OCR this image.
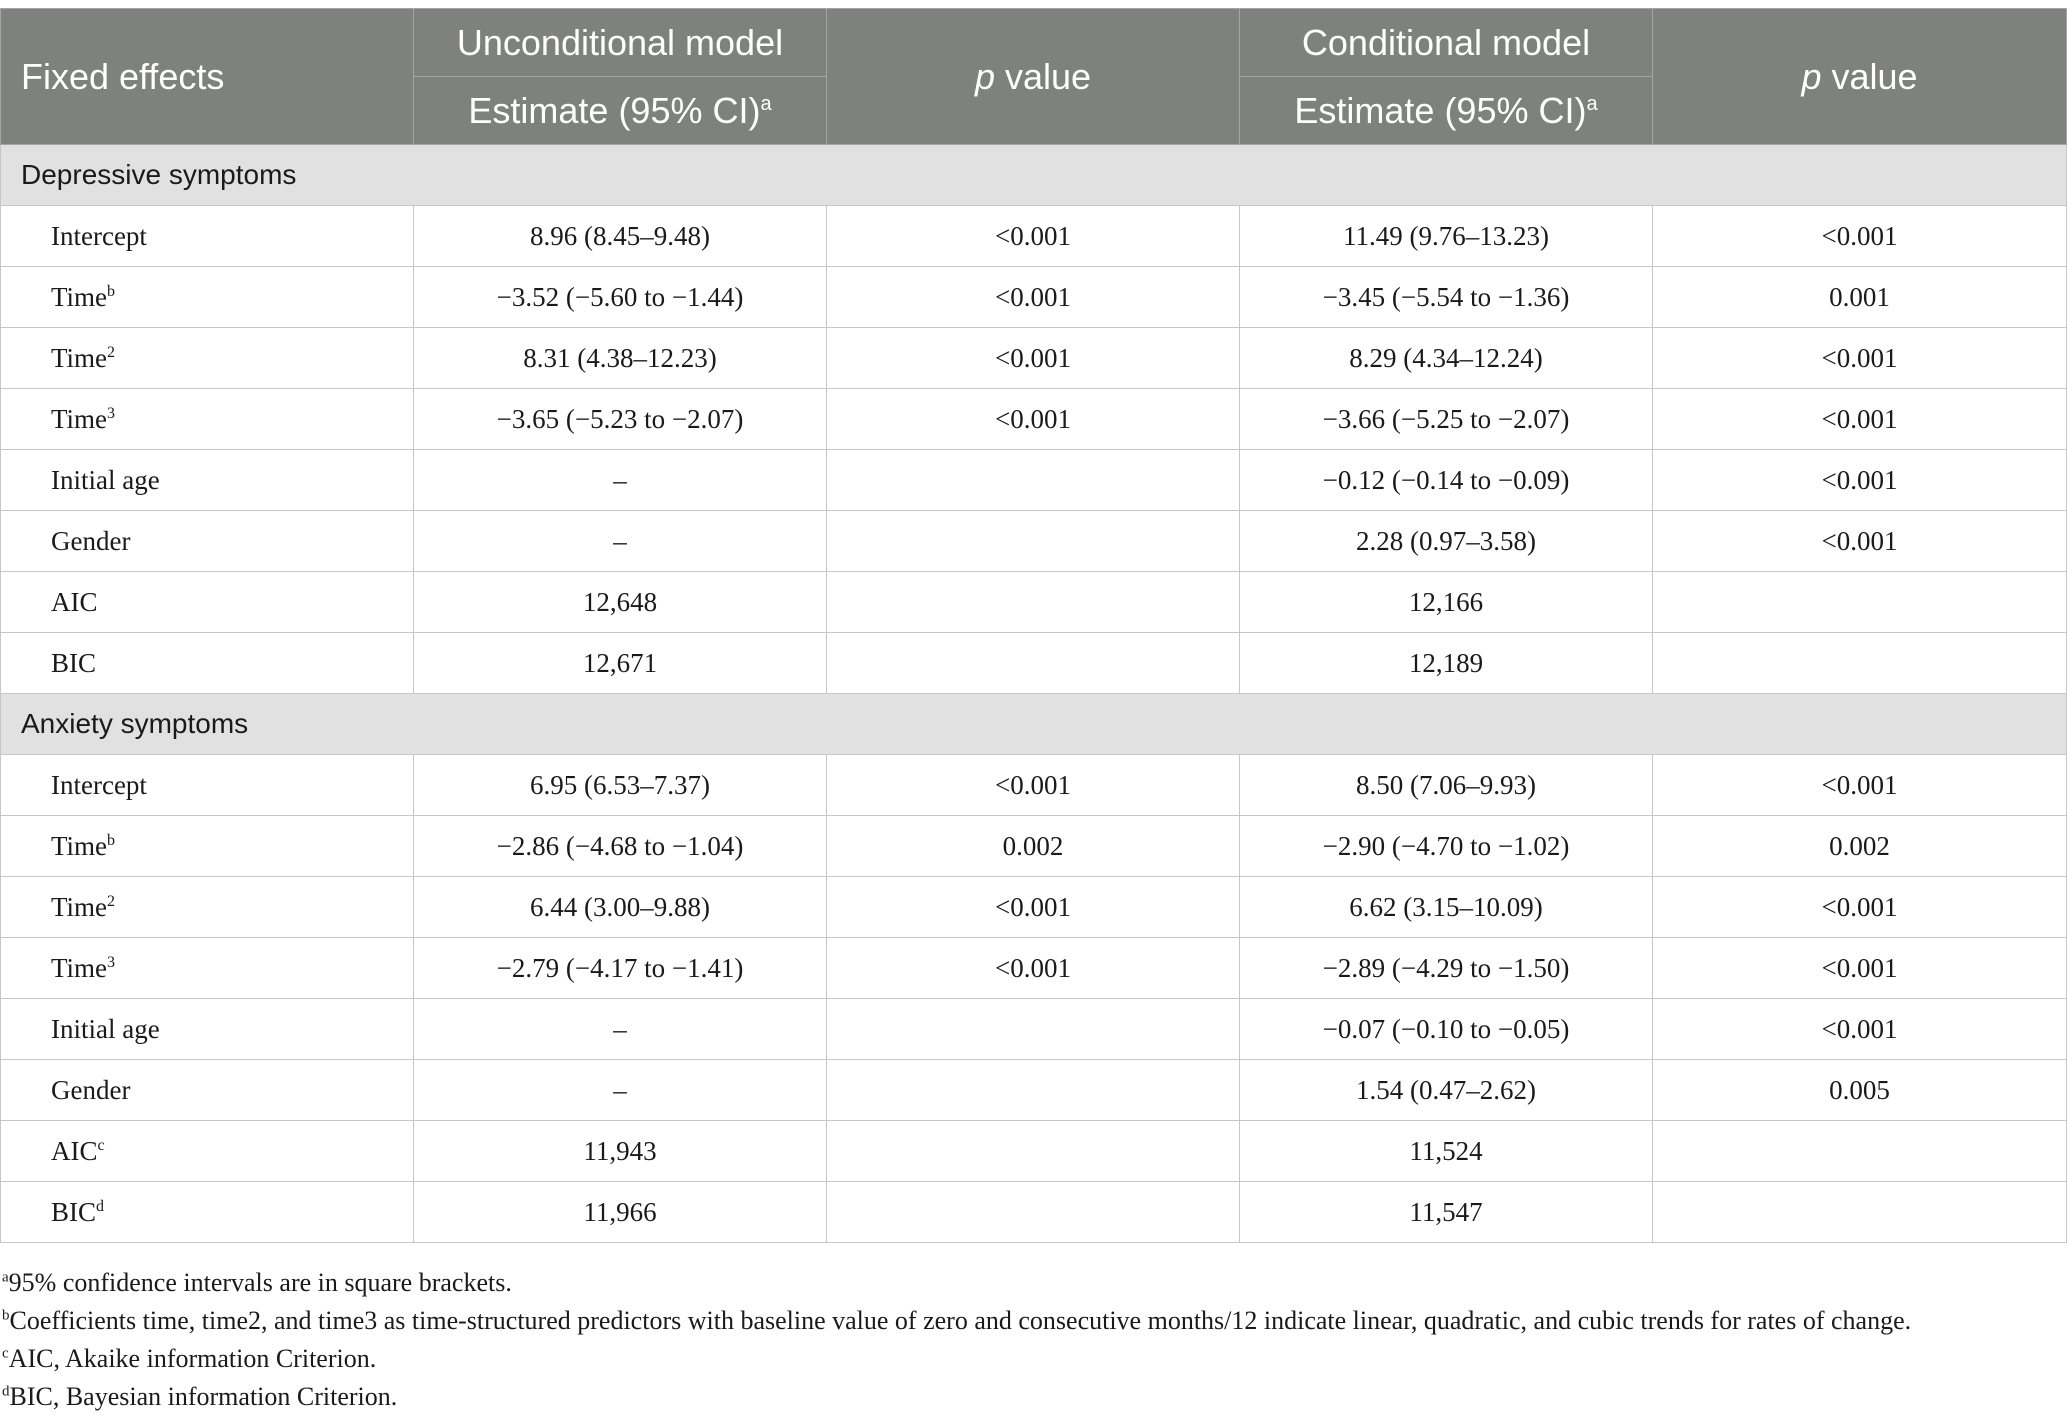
Fixed effects	Unconditional model	p value	Conditional model	p value
	Estimate (95% CI)$^a$		Estimate (95% CI)$^a$
Depressive symptoms				
Intercept	8.96 (8.45–9.48)	<0.001	11.49 (9.76–13.23)	<0.001
Time$^b$	−3.52 (−5.60 to −1.44)	<0.001	−3.45 (−5.54 to −1.36)	0.001
Time$^2$	8.31 (4.38–12.23)	<0.001	8.29 (4.34–12.24)	<0.001
Time$^3$	−3.65 (−5.23 to −2.07)	<0.001	−3.66 (−5.25 to −2.07)	<0.001
Initial age	–		−0.12 (−0.14 to −0.09)	<0.001
Gender	–		2.28 (0.97–3.58)	<0.001
AIC	12,648		12,166	
BIC	12,671		12,189	
Anxiety symptoms				
Intercept	6.95 (6.53–7.37)	<0.001	8.50 (7.06–9.93)	<0.001
Time$^b$	−2.86 (−4.68 to −1.04)	0.002	−2.90 (−4.70 to −1.02)	0.002
Time$^2$	6.44 (3.00–9.88)	<0.001	6.62 (3.15–10.09)	<0.001
Time$^3$	−2.79 (−4.17 to −1.41)	<0.001	−2.89 (−4.29 to −1.50)	<0.001
Initial age	–		−0.07 (−0.10 to −0.05)	<0.001
Gender	–		1.54 (0.47–2.62)	0.005
AIC$^c$	11,943		11,524	
BIC$^d$	11,966		11,547	

$^a$95% confidence intervals are in square brackets.

$^b$Coefficients time, time2, and time3 as time-structured predictors with baseline value of zero and consecutive months/12 indicate linear, quadratic, and cubic trends for rates of change.

$^c$AIC, Akaike information Criterion.

$^d$BIC, Bayesian information Criterion.
